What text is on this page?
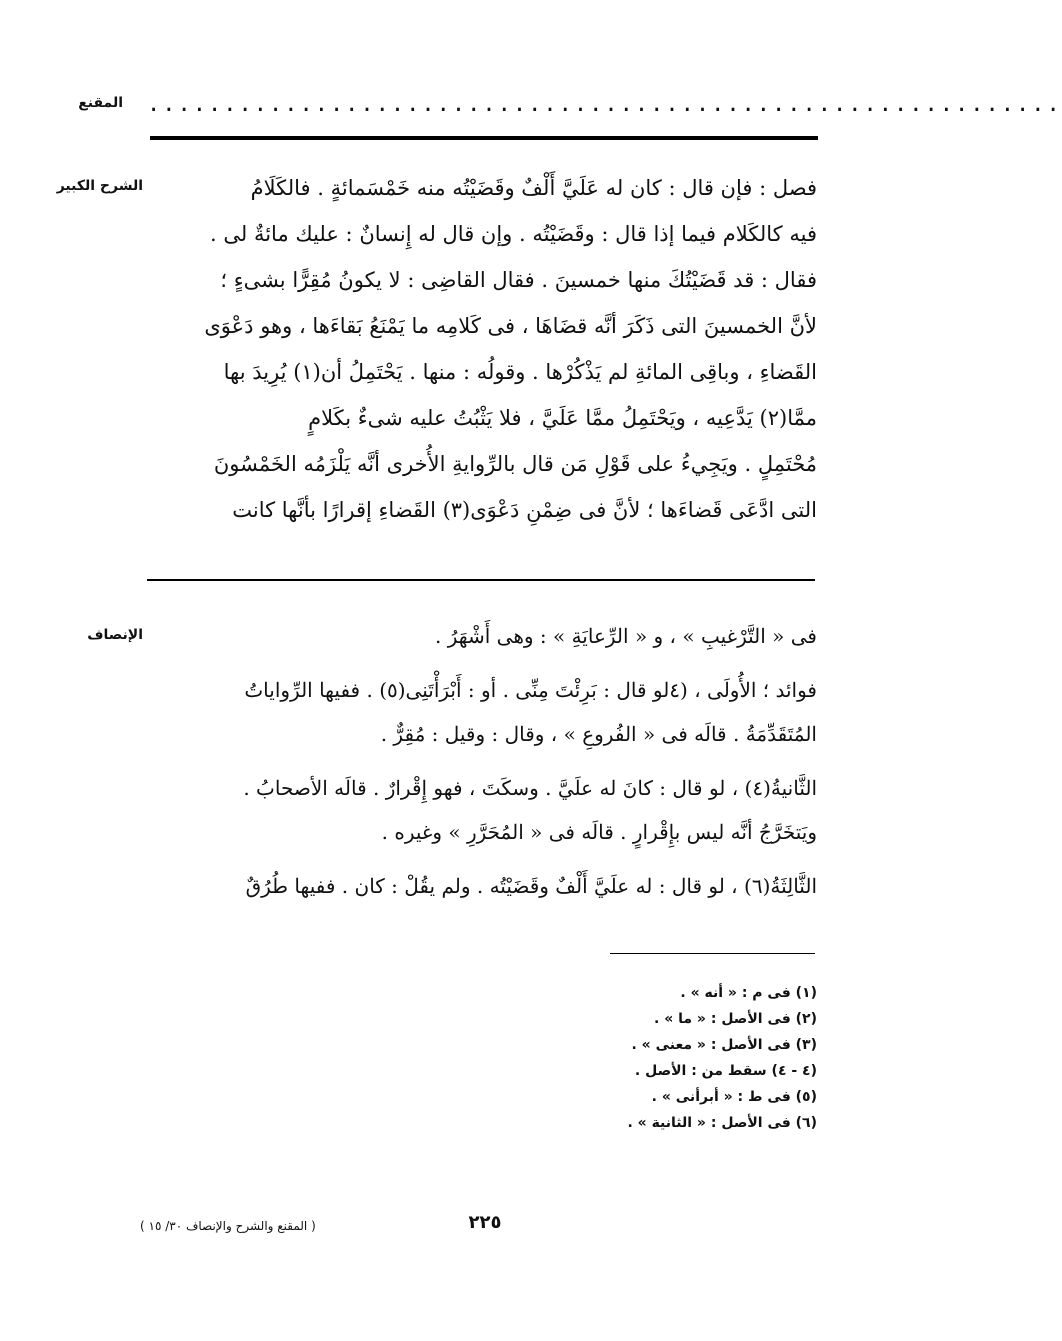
المقنع ............................................................
الشرح الكبير	فصل : فإن قال : كان له عَلَيَّ أَلْفٌ وقَضَيْتُه منه خَمْسَمائةٍ . فالكَلَامُ
فيه كالكَلام فيما إذا قال : وقَضَيْتُه . وإن قال له إِنسانٌ : عليك مائةٌ لى .
فقال : قد قَضَيْتُكَ منها خمسينَ . فقال القاضِى : لا يكونُ مُقِرًّا بشىءٍ ؛
لأنَّ الخمسينَ التى ذَكَرَ أنَّه قضَاهَا ، فى كَلامِه ما يَمْنَعُ بَقاءَها ، وهو دَعْوَى
القَضاءِ ، وباقِى المائةِ لم يَذْكُرْها . وقولُه : منها . يَحْتَمِلُ أن(١) يُرِيدَ بها
ممَّا(٢) يَدَّعِيه ، ويَحْتَمِلُ ممَّا عَلَيَّ ، فلا يَثْبُتُ عليه شىءٌ بكَلامٍ
مُحْتَمِلٍ . ويَجِيءُ على قَوْلِ مَن قال بالرِّوايةِ الأُخرى أنَّه يَلْزَمُه الخَمْسُونَ
التى ادَّعَى قَضاءَها ؛ لأنَّ فى ضِمْنِ دَعْوَى(٣) القَضاءِ إقرارًا بأنَّها كانت
الإنصاف	فى « التَّرْغيبِ » ، و « الرِّعايَةِ » : وهى أَشْهَرُ .
فوائد ؛ الأُولَى ، (٤لو قال : بَرِئْتَ مِنِّى . أو : أَبْرَأْتَنِى(٥) . ففيها الرِّواياتُ
المُتَقَدِّمَةُ . قالَه فى « الفُروعِ » ، وقال : وقيل : مُقِرٌّ .
الثَّانيةُ(٤) ، لو قال : كانَ له علَيَّ . وسكَتَ ، فهو إِقْرارٌ . قالَه الأصحابُ .
ويَتخَرَّجُ أنَّه ليس بإِقْرارٍ . قالَه فى « المُحَرَّرِ » وغيره .
الثَّالِثَةُ(٦) ، لو قال : له علَيَّ أَلْفٌ وقَضَيْتُه . ولم يقُلْ : كان . ففيها طُرُقٌ
(١) فى م : « أنه » .
(٢) فى الأصل : « ما » .
(٣) فى الأصل : « معنى » .
(٤ - ٤) سقط من : الأصل .
(٥) فى ط : « أبرأنى » .
(٦) فى الأصل : « الثانية » .
٢٢٥
( المقنع والشرح والإنصاف ٣٠/ ١٥ )
